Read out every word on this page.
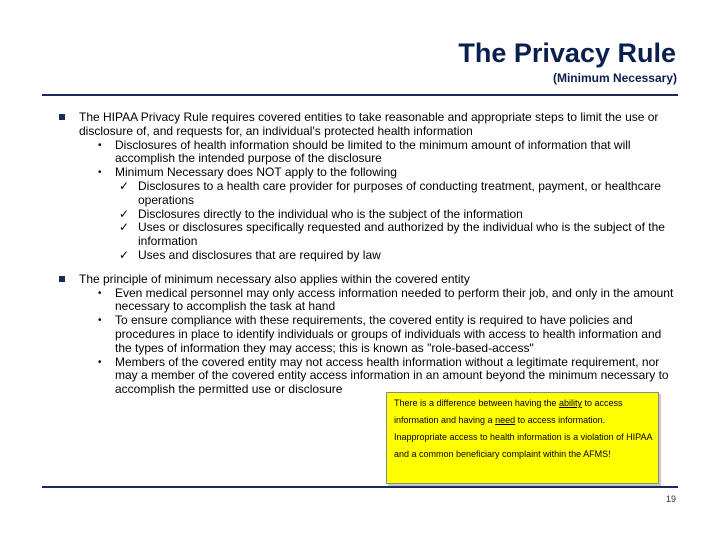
The Privacy Rule
(Minimum Necessary)
The HIPAA Privacy Rule requires covered entities to take reasonable and appropriate steps to limit the use or disclosure of, and requests for, an individual's protected health information
• Disclosures of health information should be limited to the minimum amount of information that will accomplish the intended purpose of the disclosure
• Minimum Necessary does NOT apply to the following
✓ Disclosures to a health care provider for purposes of conducting treatment, payment, or healthcare operations
✓ Disclosures directly to the individual who is the subject of the information
✓ Uses or disclosures specifically requested and authorized by the individual who is the subject of the information
✓ Uses and disclosures that are required by law
The principle of minimum necessary also applies within the covered entity
• Even medical personnel may only access information needed to perform their job, and only in the amount necessary to accomplish the task at hand
• To ensure compliance with these requirements, the covered entity is required to have policies and procedures in place to identify individuals or groups of individuals with access to health information and the types of information they may access; this is known as "role-based-access"
• Members of the covered entity may not access health information without a legitimate requirement, nor may a member of the covered entity access information in an amount beyond the minimum necessary to accomplish the permitted use or disclosure
There is a difference between having the ability to access information and having a need to access information. Inappropriate access to health information is a violation of HIPAA and a common beneficiary complaint within the AFMS!
19
